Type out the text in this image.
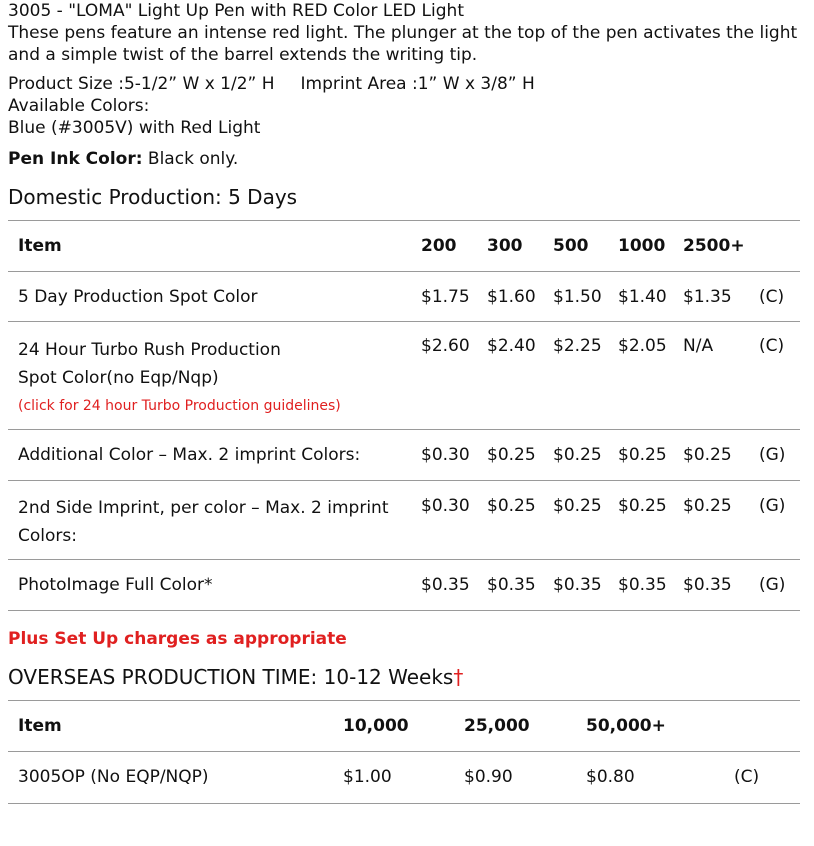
3005 - "LOMA" Light Up Pen with RED Color LED Light

These pens feature an intense red light. The plunger at the top of the pen activates the light and a simple twist of the barrel extends the writing tip.

Product Size :5-1/2” W x 1/2” H Imprint Area :1” W x 3/8” H
Available Colors:
Blue (#3005V) with Red Light
Pen Ink Color: Black only.
Domestic Production: 5 Days
Item	200	300	500	1000	2500+	
5 Day Production Spot Color	$1.75	$1.60	$1.50	$1.40	$1.35	(C)

24 Hour Turbo Rush Production
Spot Color(no Eqp/Nqp)
(click for 24 hour Turbo Production guidelines)	$2.60	$2.40	$2.25	$2.05	N/A	(C)
Additional Color – Max. 2 imprint Colors:	$0.30	$0.25	$0.25	$0.25	$0.25	(G)

2nd Side Imprint, per color – Max. 2 imprint
Colors:	$0.30	$0.25	$0.25	$0.25	$0.25	(G)
PhotoImage Full Color*	$0.35	$0.35	$0.35	$0.35	$0.35	(G)
Plus Set Up charges as appropriate
OVERSEAS PRODUCTION TIME: 10-12 Weeks†
Item	10,000	25,000	50,000+	
3005OP (No EQP/NQP)	$1.00	$0.90	$0.80	(C)
